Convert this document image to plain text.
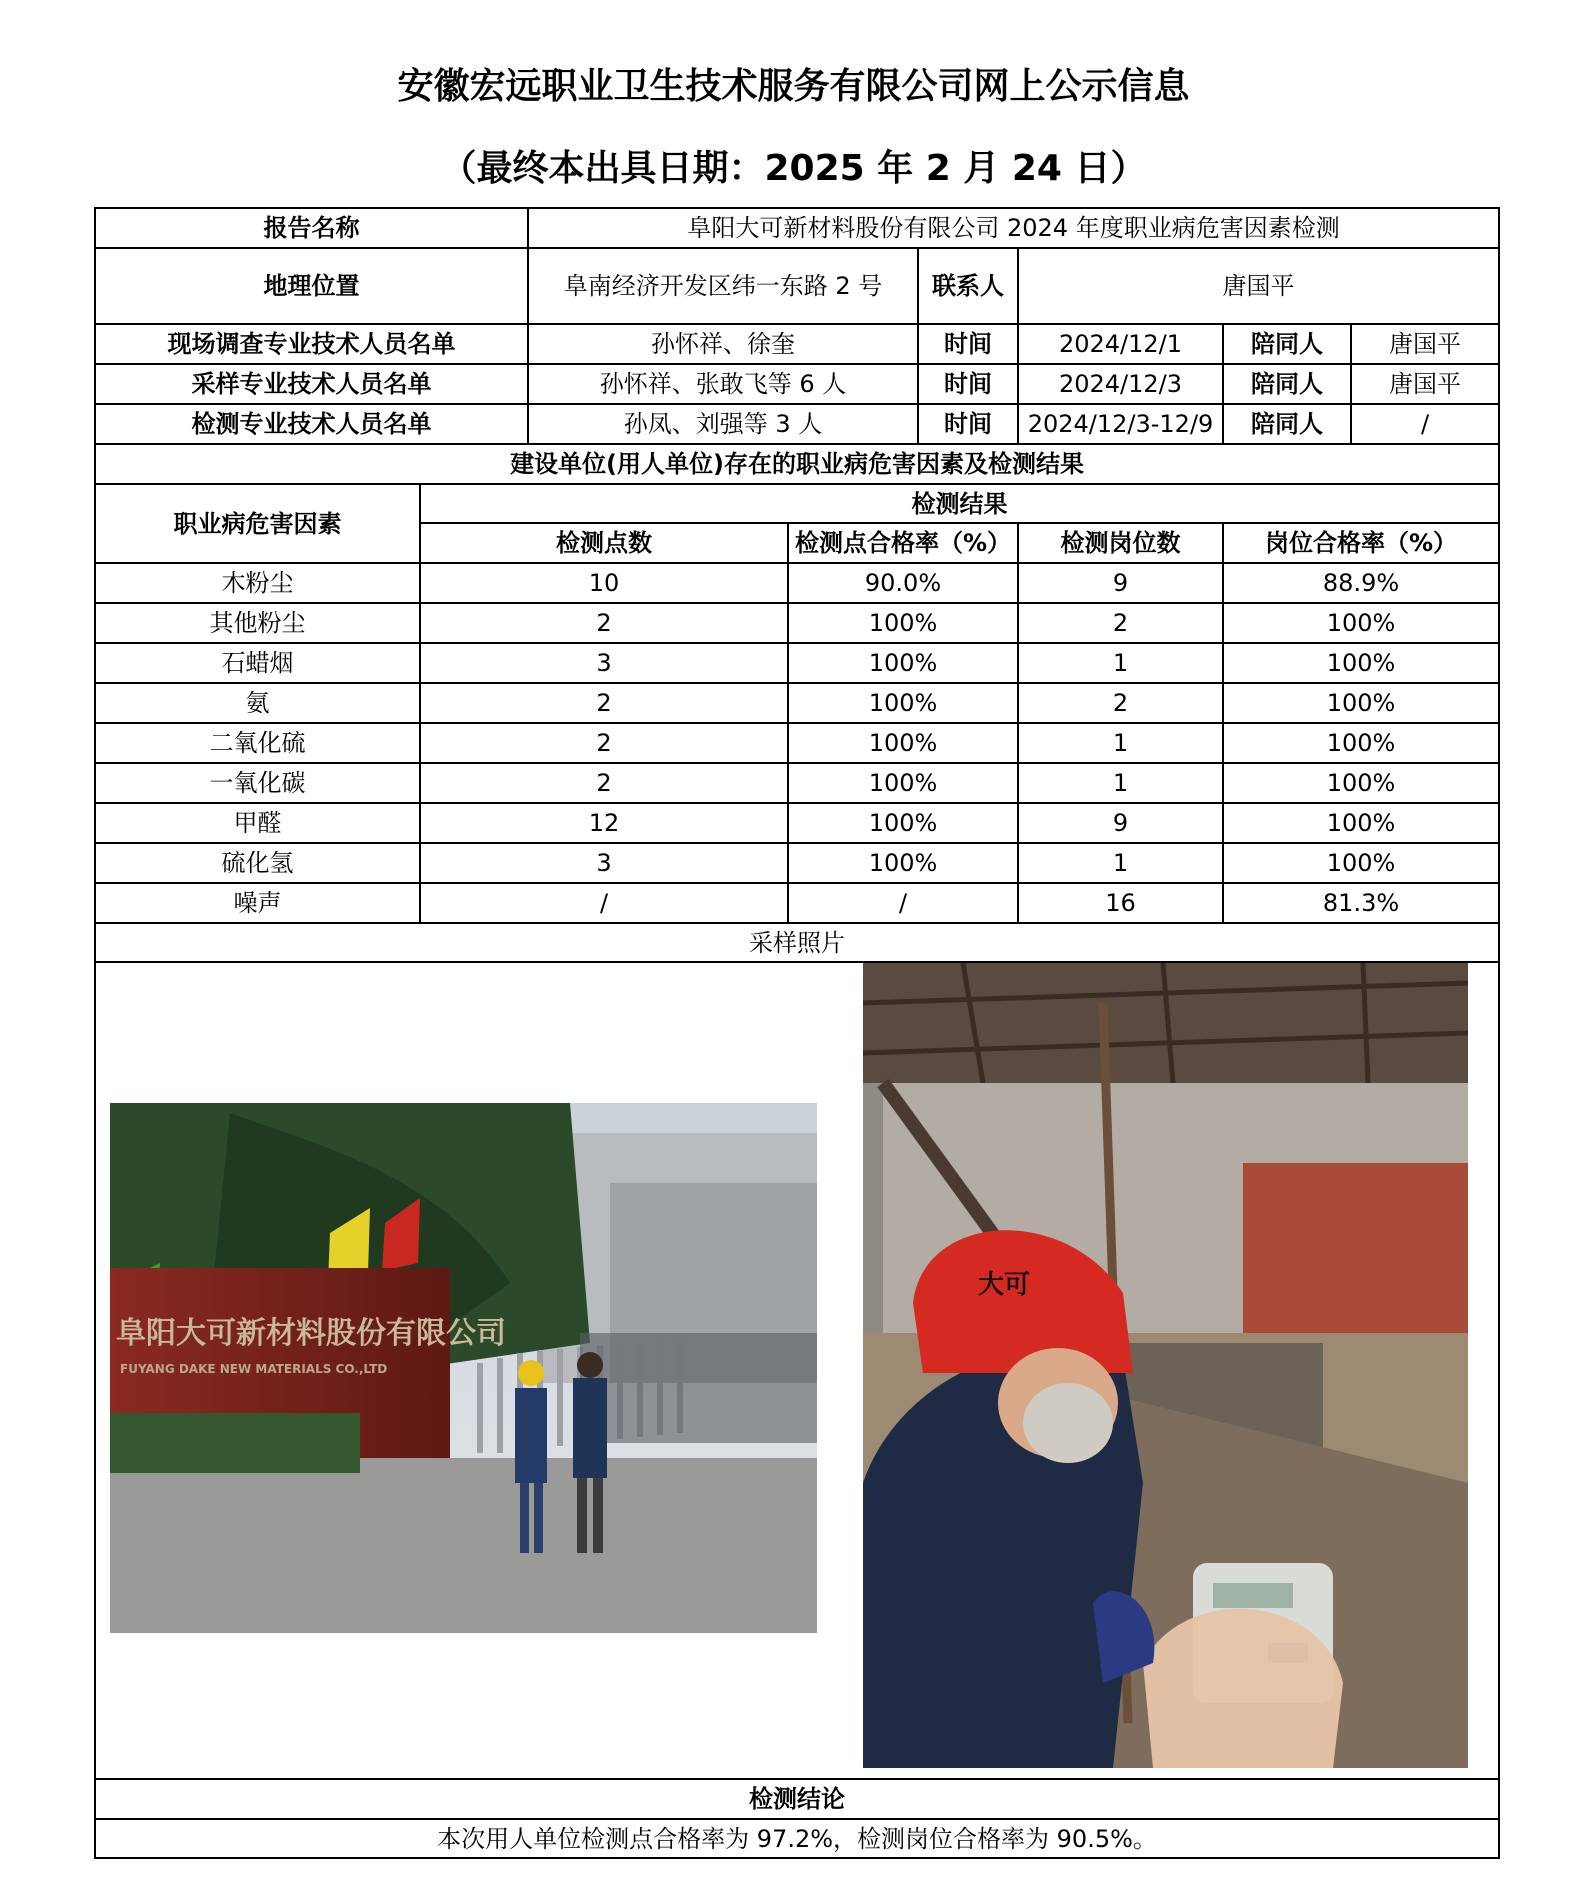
安徽宏远职业卫生技术服务有限公司网上公示信息
（最终本出具日期：2025 年 2 月 24 日）
报告名称		阜阳大可新材料股份有限公司 2024 年度职业病危害因素检测					
地理位置		阜南经济开发区纬一东路 2 号		联系人	唐国平		
现场调查专业技术人员名单		孙怀祥、徐奎		时间	2024/12/1	陪同人	唐国平
采样专业技术人员名单		孙怀祥、张敢飞等 6 人		时间	2024/12/3	陪同人	唐国平
检测专业技术人员名单		孙凤、刘强等 3 人		时间	2024/12/3-12/9	陪同人	/
建设单位(用人单位)存在的职业病危害因素及检测结果							
职业病危害因素	检测结果						
	检测点数		检测点合格率（%）		检测岗位数	岗位合格率（%）	
木粉尘	10		90.0%		9	88.9%	
其他粉尘	2		100%		2	100%	
石蜡烟	3		100%		1	100%	
氨	2		100%		2	100%	
二氧化硫	2		100%		1	100%	
一氧化碳	2		100%		1	100%	
甲醛	12		100%		9	100%	
硫化氢	3		100%		1	100%	
噪声	/		/		16	81.3%	
采样照片							

阜阳大可新材料股份有限公司
FUYANG DAKE NEW MATERIALS CO.,LTD
大可							

检测结论							
本次用人单位检测点合格率为 97.2%，检测岗位合格率为 90.5%。							
